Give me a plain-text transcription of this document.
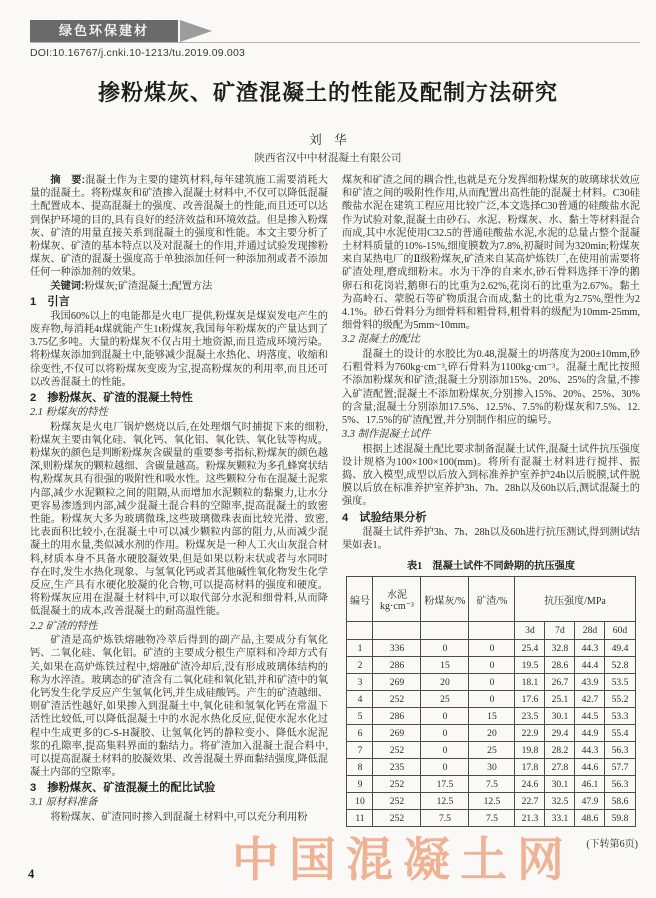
绿色环保建材
DOI:10.16767/j.cnki.10-1213/tu.2019.09.003
掺粉煤灰、矿渣混凝土的性能及配制方法研究
刘　华
陕西省汉中中材混凝土有限公司
摘　要:混凝土作为主要的建筑材料,每年建筑施工需要消耗大量的混凝土。将粉煤灰和矿渣掺入混凝土材料中,不仅可以降低混凝土配置成本、提高混凝土的强度、改善混凝土的性能,而且还可以达到保护环境的目的,具有良好的经济效益和环境效益。但是掺入粉煤灰、矿渣的用量直接关系到混凝土的强度和性能。本文主要分析了粉煤灰、矿渣的基本特点以及对混凝土的作用,并通过试验发现掺粉煤灰、矿渣的混凝土强度高于单独添加任何一种添加剂或者不添加任何一种添加剂的效果。
关键词:粉煤灰;矿渣混凝土;配置方法
1　引言

我国60%以上的电能都是火电厂提供,粉煤灰是煤炭发电产生的废弃物,每消耗4t煤就能产生1t粉煤灰,我国每年粉煤灰的产量达到了3.75亿多吨。大量的粉煤灰不仅占用土地资源,而且造成环境污染。将粉煤灰添加到混凝土中,能够减少混凝土水热化、坍落度、收缩和徐变性,不仅可以将粉煤灰变废为宝,提高粉煤灰的利用率,而且还可以改善混凝土的性能。

2　掺粉煤灰、矿渣的混凝土特性
2.1 粉煤灰的特性

粉煤灰是火电厂锅炉燃烧以后,在处理烟气时捕捉下来的细粉,粉煤灰主要由氧化硅、氧化钙、氧化铝、氧化铁、氧化钛等构成。粉煤灰的颜色是判断粉煤灰含碳量的重要参考指标,粉煤灰的颜色越深,则粉煤灰的颗粒越细、含碳量越高。粉煤灰颗粒为多孔蜂窝状结构,粉煤灰具有很强的吸附性和吸水性。这些颗粒分布在混凝土泥浆内部,减少水泥颗粒之间的阻隔,从而增加水泥颗粒的黏聚力,让水分更容易渗透到内部,减少混凝土混合料的空隙率,提高混凝土的致密性能。粉煤灰大多为玻璃微珠,这些玻璃微珠表面比较光滑、致密,比表面积比较小,在混凝土中可以减少颗粒内部的阻力,从而减少混凝土的用水量,类似减水剂的作用。粉煤灰是一种人工火山灰混合材料,材质本身不具备水硬胶凝效果,但是如果以粉末状或者与水同时存在时,发生水热化现象、与氢氧化钙或者其他碱性氧化物发生化学反应,生产具有水硬化胶凝的化合物,可以提高材料的强度和硬度。将粉煤灰应用在混凝土材料中,可以取代部分水泥和细骨料,从而降低混凝土的成本,改善混凝土的耐高温性能。

2.2 矿渣的特性

矿渣是高炉炼铁熔融物冷萃后得到的副产品,主要成分有氧化钙、二氧化硅、氧化铝。矿渣的主要成分根生产原料和冷却方式有关,如果在高炉炼铁过程中,熔融矿渣冷却后,没有形成玻璃体结构的称为水淬渣。玻璃态的矿渣含有二氧化硅和氧化铝,并和矿渣中的氧化钙发生化学反应产生氢氧化钙,并生成硅酸钙。产生的矿渣越细、则矿渣活性越好,如果掺入到混凝土中,氧化硅和氢氧化钙在常温下活性比较低,可以降低混凝土中的水泥水热化反应,促使水泥水化过程中生成更多的C-S-H凝胶、让氢氧化钙的静粒变小、降低水泥泥浆的孔隙率,提高集料界面的黏结力。将矿渣加入混凝土混合料中,可以提高混凝土材料的胶凝效果、改善混凝土界面黏结强度,降低混凝土内部的空隙率。

3　掺粉煤灰、矿渣混凝土的配比试验
3.1 原材料准备

将粉煤灰、矿渣同时掺入到混凝土材料中,可以充分利用粉

煤灰和矿渣之间的耦合性,也就是充分发挥细粉煤灰的玻璃球状效应和矿渣之间的吸附性作用,从而配置出高性能的混凝土材料。C30硅酸盐水泥在建筑工程应用比较广泛,本文选择C30普通的硅酸盐水泥作为试验对象,混凝土由砂石、水泥、粉煤灰、水、黏土等材料混合而成,其中水泥使用C32.5的普通硅酸盐水泥,水泥的总量占整个混凝土材料质量的10%-15%,细度膜数为7.8%,初凝时间为320min;粉煤灰来自某热电厂的Ⅱ级粉煤灰,矿渣来自某高炉炼铁厂,在使用前需要将矿渣处理,磨成细粉末。水为干净的自来水,砂石骨料选择干净的鹅卵石和花岗岩,鹅卵石的比重为2.62%,花岗石的比重为2.67%。黏土为高岭石、蒙脱石等矿物质混合而成,黏土的比重为2.75%,塑性为24.1%。砂石骨料分为细骨料和粗骨料,粗骨料的级配为10mm-25mm,细骨料的级配为5mm~10mm。

3.2 混凝土的配比

混凝土的设计的水胶比为0.48,混凝土的坍落度为200±10mm,砂石粗骨料为760kg·cm⁻³,碎石骨料为1100kg·cm⁻³。混凝土配比按照不添加粉煤灰和矿渣;混凝土分别添加15%、20%、25%的含量,不掺入矿渣配置;混凝土不添加粉煤灰,分别掺入15%、20%、25%、30%的含量;混凝土分别添加17.5%、12.5%、7.5%的粉煤灰和7.5%、12.5%、17.5%的矿渣配置,并分别制作相应的编号。

3.3 制作混凝土试件

根据上述混凝土配比要求制备混凝土试件,混凝土试件抗压强度设计规格为100×100×100(mm)。将所有混凝土材料进行搅拌、振捣、放入模型,成型以后放入到标准养护室养护24h以后脱膜,试件脱膜以后放在标准养护室养护3h、7h、28h以及60h以后,测试混凝土的强度。

4　试验结果分析

混凝土试件养护3h、7h、28h以及60h进行抗压测试,得到测试结果如表1。

表1　混凝土试件不同龄期的抗压强度
编号	水泥
kg·cm⁻³	粉煤灰/%	矿渣/%	抗压强度/MPa			
				3d	7d	28d	60d
1	336	0	0	25.4	32.8	44.3	49.4
2	286	15	0	19.5	28.6	44.4	52.8
3	269	20	0	18.1	26.7	43.9	53.5
4	252	25	0	17.6	25.1	42.7	55.2
5	286	0	15	23.5	30.1	44.5	53.3
6	269	0	20	22.9	29.4	44.9	55.4
7	252	0	25	19.8	28.2	44.3	56.3
8	235	0	30	17.8	27.8	44.6	57.7
9	252	17.5	7.5	24.6	30.1	46.1	56.3
10	252	12.5	12.5	22.7	32.5	47.9	58.6
11	252	7.5	7.5	21.3	33.1	48.6	59.8
(下转第6页)
4	中国混凝土网
